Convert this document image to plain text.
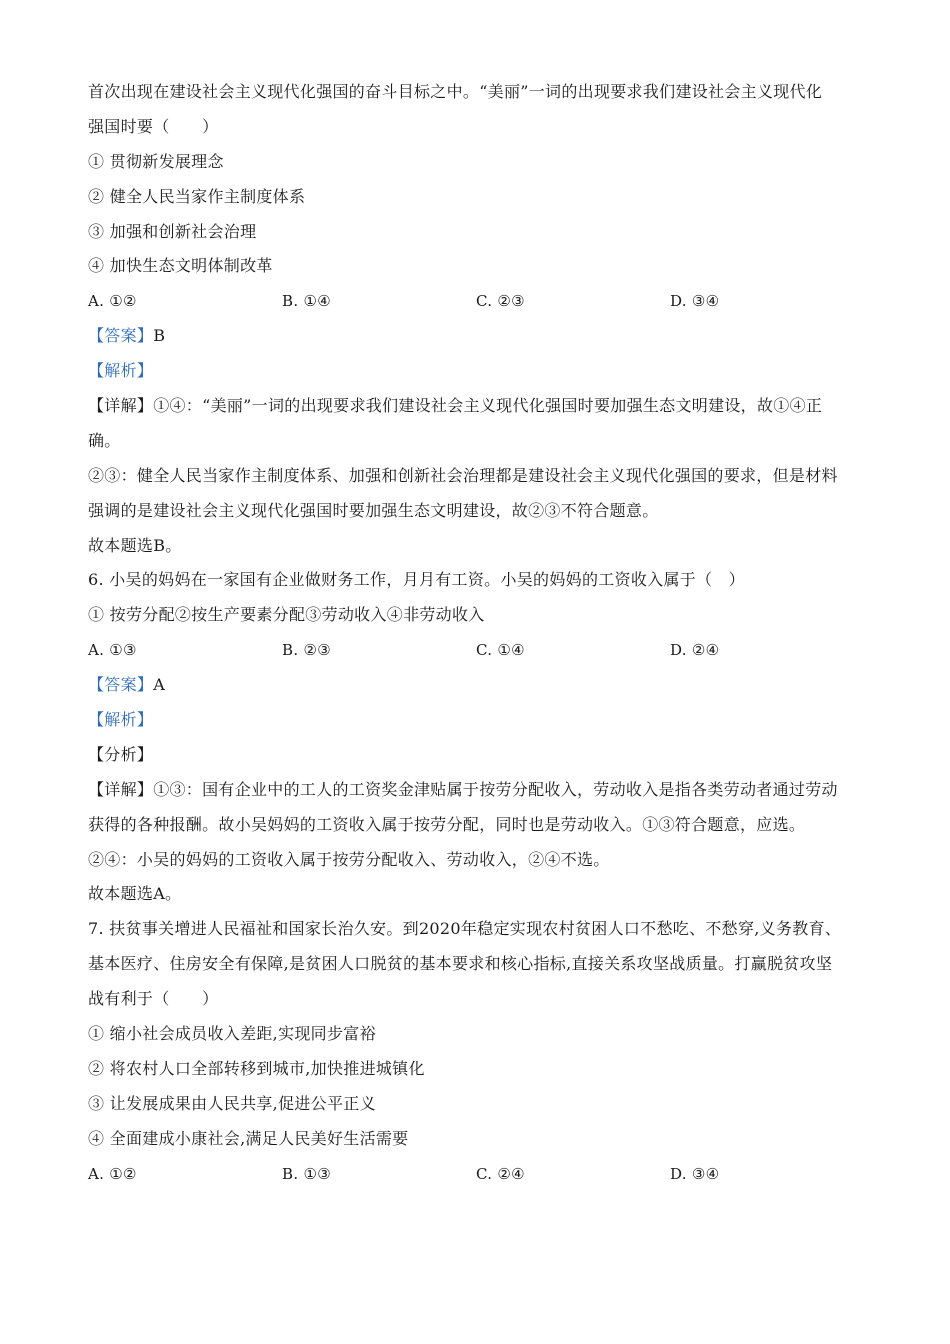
首次出现在建设社会主义现代化强国的奋斗目标之中。“美丽”一词的出现要求我们建设社会主义现代化
强国时要（　　）
① 贯彻新发展理念
② 健全人民当家作主制度体系
③ 加强和创新社会治理
④ 加快生态文明体制改革
A. ①②	B. ①④	C. ②③	D. ③④
【答案】B
【解析】
【详解】①④：“美丽”一词的出现要求我们建设社会主义现代化强国时要加强生态文明建设，故①④正
确。
②③：健全人民当家作主制度体系、加强和创新社会治理都是建设社会主义现代化强国的要求，但是材料
强调的是建设社会主义现代化强国时要加强生态文明建设，故②③不符合题意。
故本题选B。
6. 小吴的妈妈在一家国有企业做财务工作，月月有工资。小吴的妈妈的工资收入属于（　）
① 按劳分配②按生产要素分配③劳动收入④非劳动收入
A. ①③	B. ②③	C. ①④	D. ②④
【答案】A
【解析】
【分析】
【详解】①③：国有企业中的工人的工资奖金津贴属于按劳分配收入，劳动收入是指各类劳动者通过劳动
获得的各种报酬。故小吴妈妈的工资收入属于按劳分配，同时也是劳动收入。①③符合题意，应选。
②④：小吴的妈妈的工资收入属于按劳分配收入、劳动收入，②④不选。
故本题选A。
7. 扶贫事关增进人民福祉和国家长治久安。到2020年稳定实现农村贫困人口不愁吃、不愁穿,义务教育、
基本医疗、住房安全有保障,是贫困人口脱贫的基本要求和核心指标,直接关系攻坚战质量。打赢脱贫攻坚
战有利于（　　）
① 缩小社会成员收入差距,实现同步富裕
② 将农村人口全部转移到城市,加快推进城镇化
③ 让发展成果由人民共享,促进公平正义
④ 全面建成小康社会,满足人民美好生活需要
A. ①②	B. ①③	C. ②④	D. ③④
